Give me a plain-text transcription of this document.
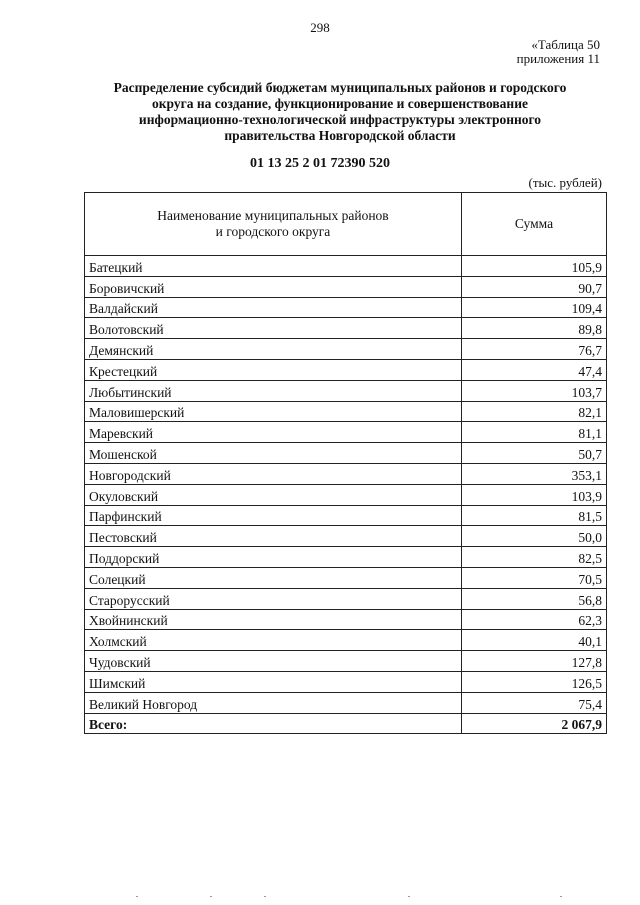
298
«Таблица 50
приложения 11
Распределение субсидий бюджетам муниципальных районов и городского
округа на создание, функционирование и совершенствование
информационно-технологической инфраструктуры электронного
правительства Новгородской области
01 13 25 2 01 72390 520
(тыс. рублей)
Наименование муниципальных районов
и городского округа	Сумма
Батецкий	105,9
Боровичский	90,7
Валдайский	109,4
Волотовский	89,8
Демянский	76,7
Крестецкий	47,4
Любытинский	103,7
Маловишерский	82,1
Маревский	81,1
Мошенской	50,7
Новгородский	353,1
Окуловский	103,9
Парфинский	81,5
Пестовский	50,0
Поддорский	82,5
Солецкий	70,5
Старорусский	56,8
Хвойнинский	62,3
Холмский	40,1
Чудовский	127,8
Шимский	126,5
Великий Новгород	75,4
Всего:	2 067,9
